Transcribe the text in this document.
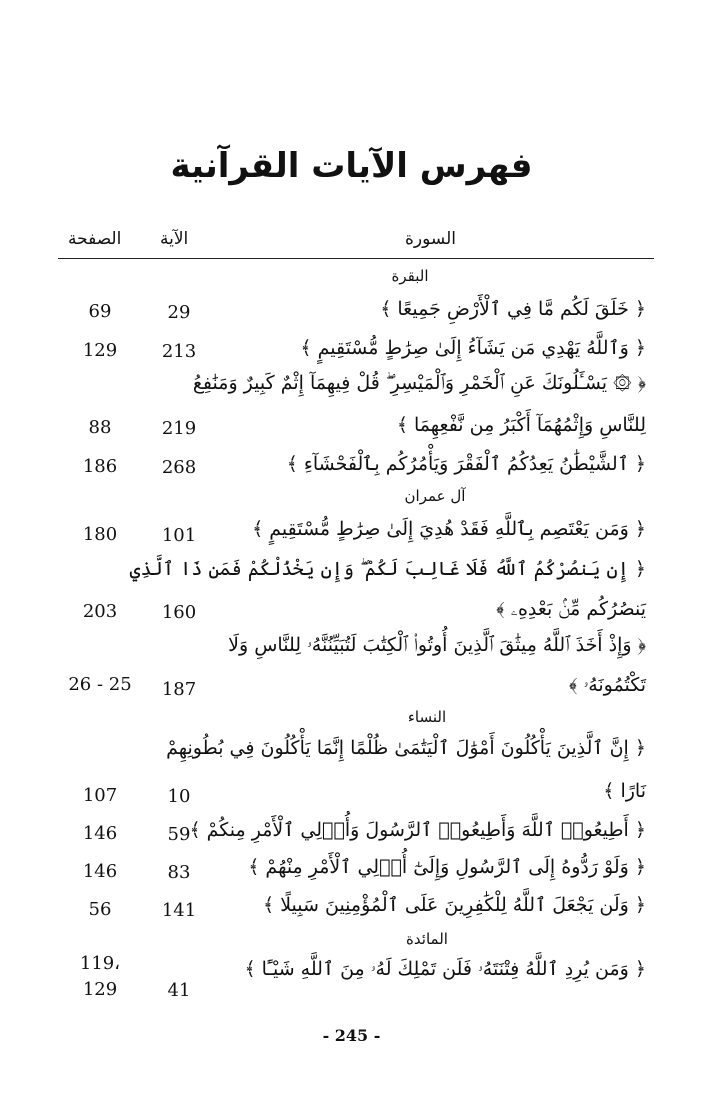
فهرس الآيات القرآنية
السورة
الآية
الصفحة
البقرة
آل عمران
النساء
المائدة
﴿ خَلَقَ لَكُم مَّا فِي ٱلْأَرْضِ جَمِيعًا ﴾
﴿ وَٱللَّهُ يَهْدِي مَن يَشَآءُ إِلَىٰ صِرَٰطٍ مُّسْتَقِيمٍ ﴾
﴿ ۞ يَسْـَٔلُونَكَ عَنِ ٱلْخَمْرِ وَٱلْمَيْسِرِ ۖ قُلْ فِيهِمَآ إِثْمٌ كَبِيرٌ وَمَنَٰفِعُ
لِلنَّاسِ وَإِثْمُهُمَآ أَكْبَرُ مِن نَّفْعِهِمَا ﴾
﴿ ٱلشَّيْطَٰنُ يَعِدُكُمُ ٱلْفَقْرَ وَيَأْمُرُكُم بِٱلْفَحْشَآءِ ﴾
﴿ وَمَن يَعْتَصِم بِٱللَّهِ فَقَدْ هُدِيَ إِلَىٰ صِرَٰطٍ مُّسْتَقِيمٍ ﴾
﴿ إِن يَنصُرْكُمُ ٱللَّهُ فَلَا غَالِبَ لَكُمْ ۖ وَإِن يَخْذُلْكُمْ فَمَن ذَا ٱلَّذِي
يَنصُرُكُم مِّنۢ بَعْدِهِۦ ﴾
﴿ وَإِذْ أَخَذَ ٱللَّهُ مِيثَٰقَ ٱلَّذِينَ أُوتُوا۟ ٱلْكِتَٰبَ لَتُبَيِّنُنَّهُۥ لِلنَّاسِ وَلَا
تَكْتُمُونَهُۥ ﴾
﴿ إِنَّ ٱلَّذِينَ يَأْكُلُونَ أَمْوَٰلَ ٱلْيَتَٰمَىٰ ظُلْمًا إِنَّمَا يَأْكُلُونَ فِي بُطُونِهِمْ
نَارًا ﴾
﴿ أَطِيعُوا۟ ٱللَّهَ وَأَطِيعُوا۟ ٱلرَّسُولَ وَأُو۟لِي ٱلْأَمْرِ مِنكُمْ ﴾
﴿ وَلَوْ رَدُّوهُ إِلَى ٱلرَّسُولِ وَإِلَىٰٓ أُو۟لِي ٱلْأَمْرِ مِنْهُمْ ﴾
﴿ وَلَن يَجْعَلَ ٱللَّهُ لِلْكَٰفِرِينَ عَلَى ٱلْمُؤْمِنِينَ سَبِيلًا ﴾
﴿ وَمَن يُرِدِ ٱللَّهُ فِتْنَتَهُۥ فَلَن تَمْلِكَ لَهُۥ مِنَ ٱللَّهِ شَيْـًٔا ﴾
29
213
219
268
101
160
187
10
59
83
141
41
69
129
88
186
180
203
26 - 25
107
146
146
56
119،
129
- 245 -
